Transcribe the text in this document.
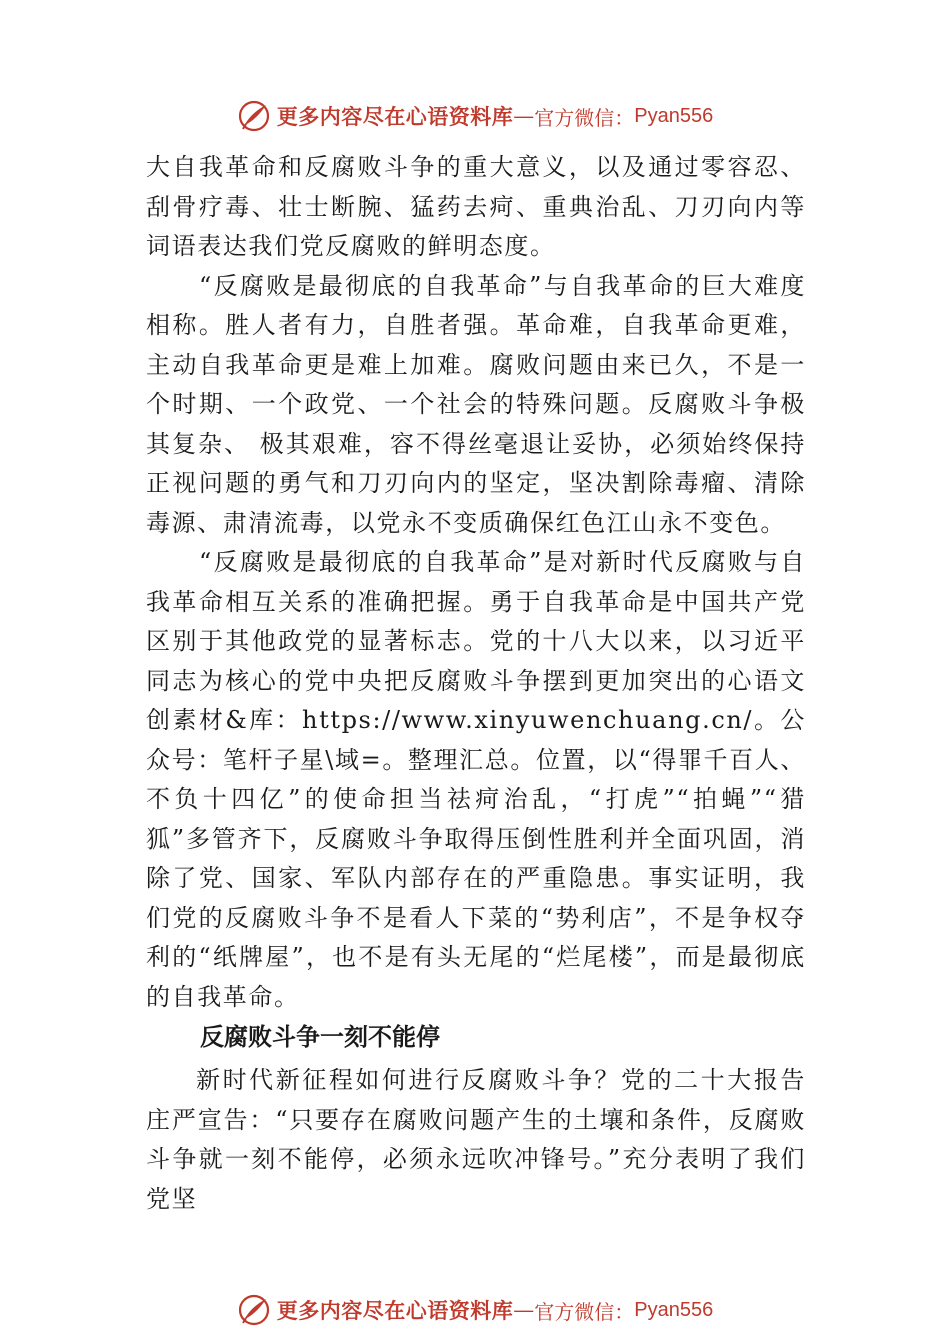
更多内容尽在心语资料库 — 官方微信： Pyan556

大自我革命和反腐败斗争的重大意义，以及通过零容忍、刮骨疗毒、壮士断腕、猛药去疴、重典治乱、刀刃向内等词语表达我们党反腐败的鲜明态度。

“反腐败是最彻底的自我革命”与自我革命的巨大难度相称。胜人者有力，自胜者强。革命难，自我革命更难，主动自我革命更是难上加难。腐败问题由来已久，不是一个时期、一个政党、一个社会的特殊问题。反腐败斗争极其复杂、 极其艰难，容不得丝毫退让妥协，必须始终保持正视问题的勇气和刀刃向内的坚定，坚决割除毒瘤、清除毒源、肃清流毒，以党永不变质确保红色江山永不变色。

“反腐败是最彻底的自我革命”是对新时代反腐败与自我革命相互关系的准确把握。勇于自我革命是中国共产党区别于其他政党的显著标志。党的十八大以来，以习近平同志为核心的党中央把反腐败斗争摆到更加突出的心语文创素材&库：https://www.xinyuwenchuang.cn/。公众号：笔杆子星\域=。整理汇总。位置，以“得罪千百人、不负十四亿”的使命担当祛疴治乱，“打虎”“拍蝇”“猎狐”多管齐下，反腐败斗争取得压倒性胜利并全面巩固，消除了党、国家、军队内部存在的严重隐患。事实证明，我们党的反腐败斗争不是看人下菜的“势利店”，不是争权夺利的“纸牌屋”，也不是有头无尾的“烂尾楼”，而是最彻底的自我革命。

反腐败斗争一刻不能停

新时代新征程如何进行反腐败斗争？党的二十大报告庄严宣告：“只要存在腐败问题产生的土壤和条件，反腐败斗争就一刻不能停，必须永远吹冲锋号。”充分表明了我们党坚

更多内容尽在心语资料库 — 官方微信： Pyan556
